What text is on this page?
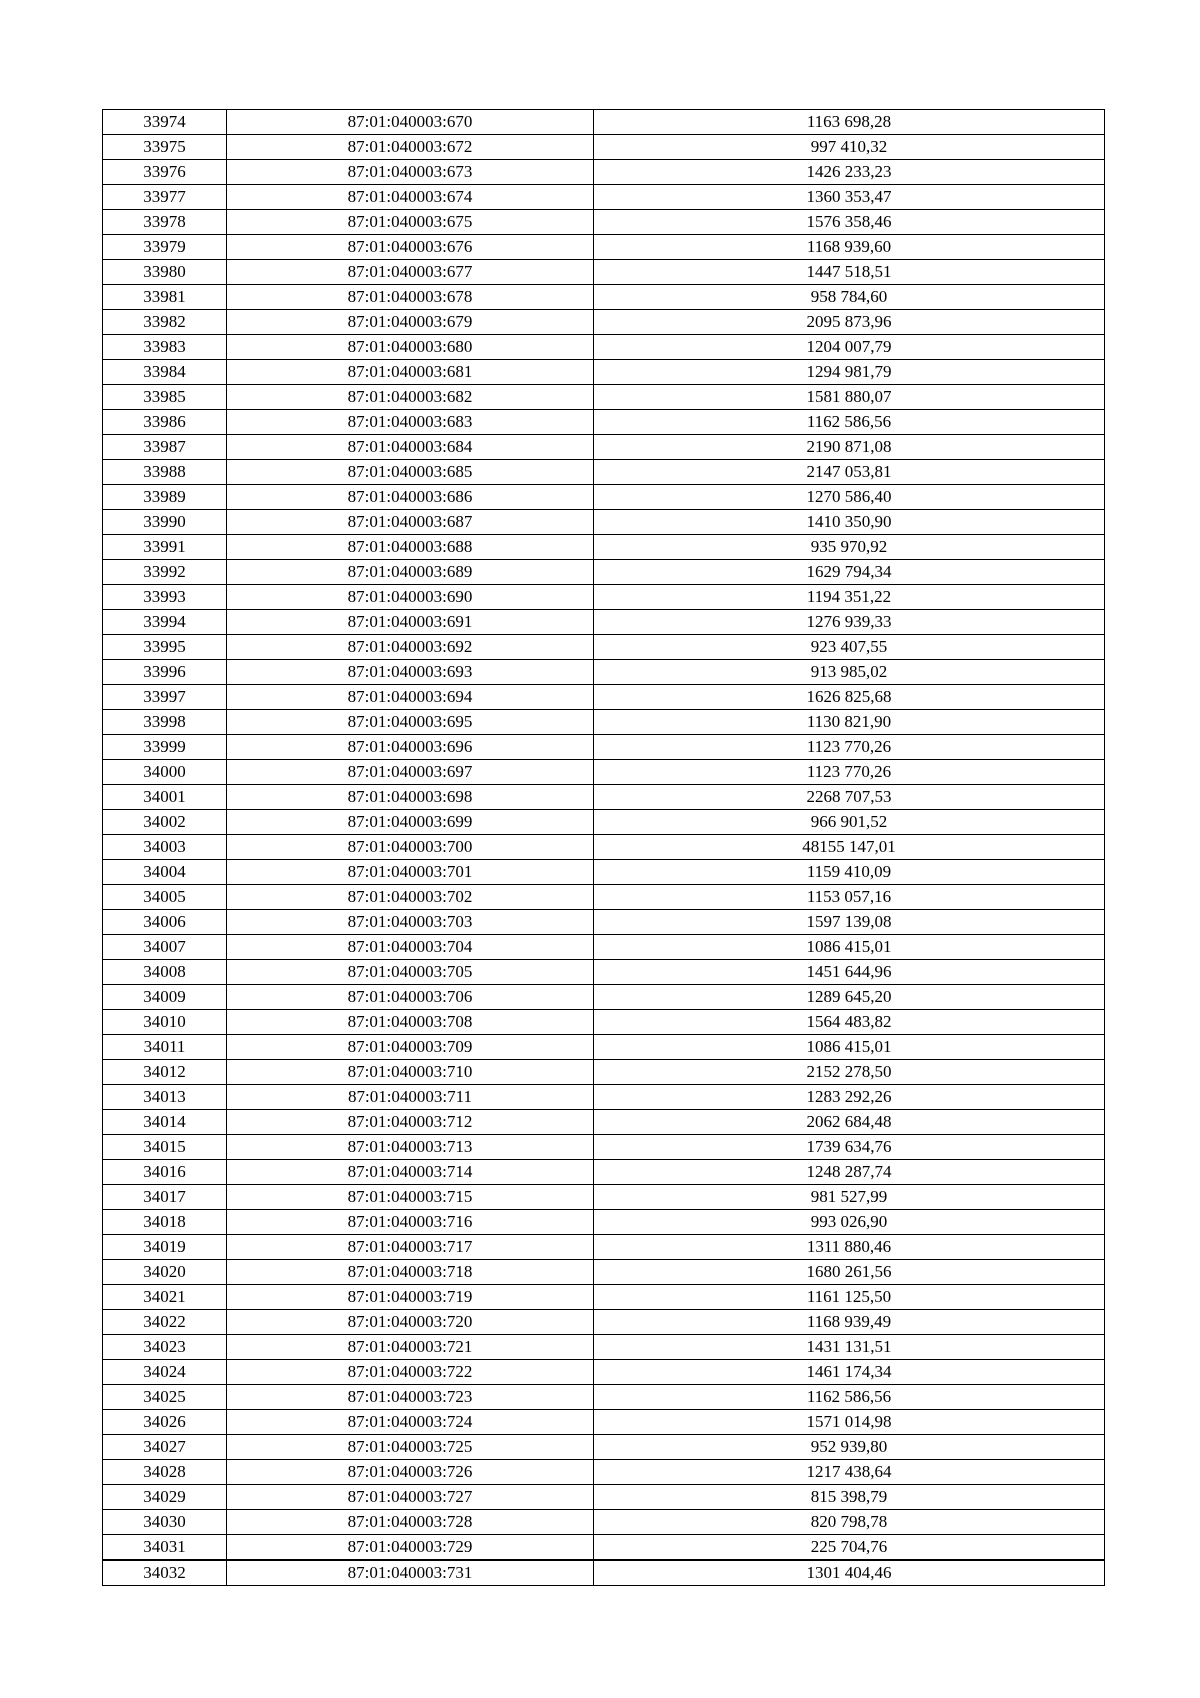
33974	87:01:040003:670	1163 698,28
33975	87:01:040003:672	997 410,32
33976	87:01:040003:673	1426 233,23
33977	87:01:040003:674	1360 353,47
33978	87:01:040003:675	1576 358,46
33979	87:01:040003:676	1168 939,60
33980	87:01:040003:677	1447 518,51
33981	87:01:040003:678	958 784,60
33982	87:01:040003:679	2095 873,96
33983	87:01:040003:680	1204 007,79
33984	87:01:040003:681	1294 981,79
33985	87:01:040003:682	1581 880,07
33986	87:01:040003:683	1162 586,56
33987	87:01:040003:684	2190 871,08
33988	87:01:040003:685	2147 053,81
33989	87:01:040003:686	1270 586,40
33990	87:01:040003:687	1410 350,90
33991	87:01:040003:688	935 970,92
33992	87:01:040003:689	1629 794,34
33993	87:01:040003:690	1194 351,22
33994	87:01:040003:691	1276 939,33
33995	87:01:040003:692	923 407,55
33996	87:01:040003:693	913 985,02
33997	87:01:040003:694	1626 825,68
33998	87:01:040003:695	1130 821,90
33999	87:01:040003:696	1123 770,26
34000	87:01:040003:697	1123 770,26
34001	87:01:040003:698	2268 707,53
34002	87:01:040003:699	966 901,52
34003	87:01:040003:700	48155 147,01
34004	87:01:040003:701	1159 410,09
34005	87:01:040003:702	1153 057,16
34006	87:01:040003:703	1597 139,08
34007	87:01:040003:704	1086 415,01
34008	87:01:040003:705	1451 644,96
34009	87:01:040003:706	1289 645,20
34010	87:01:040003:708	1564 483,82
34011	87:01:040003:709	1086 415,01
34012	87:01:040003:710	2152 278,50
34013	87:01:040003:711	1283 292,26
34014	87:01:040003:712	2062 684,48
34015	87:01:040003:713	1739 634,76
34016	87:01:040003:714	1248 287,74
34017	87:01:040003:715	981 527,99
34018	87:01:040003:716	993 026,90
34019	87:01:040003:717	1311 880,46
34020	87:01:040003:718	1680 261,56
34021	87:01:040003:719	1161 125,50
34022	87:01:040003:720	1168 939,49
34023	87:01:040003:721	1431 131,51
34024	87:01:040003:722	1461 174,34
34025	87:01:040003:723	1162 586,56
34026	87:01:040003:724	1571 014,98
34027	87:01:040003:725	952 939,80
34028	87:01:040003:726	1217 438,64
34029	87:01:040003:727	815 398,79
34030	87:01:040003:728	820 798,78
34031	87:01:040003:729	225 704,76
34032	87:01:040003:731	1301 404,46
